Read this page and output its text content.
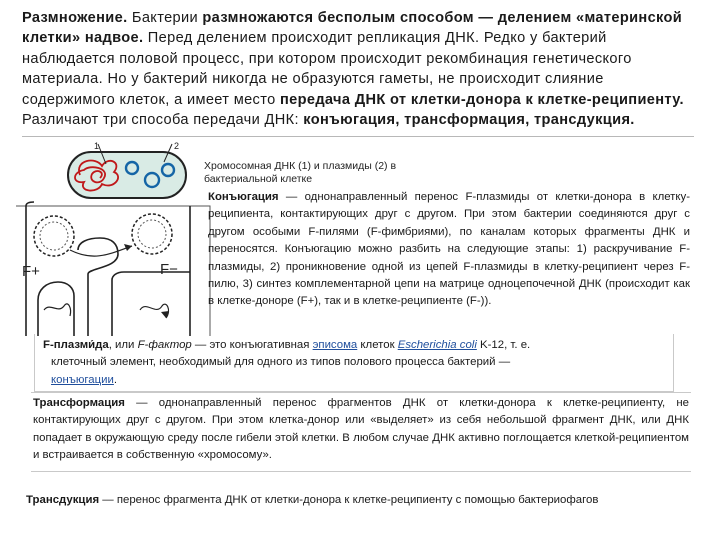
Размножение. Бактерии размножаются бесполым способом — делением «материнской клетки» надвое. Перед делением происходит репликация ДНК. Редко у бактерий наблюдается половой процесс, при котором происходит рекомбинация генетического материала. Но у бактерий никогда не образуются гаметы, не происходит слияние содержимого клеток, а имеет место передача ДНК от клетки-донора к клетке-реципиенту. Различают три способа передачи ДНК: конъюгация, трансформация, трансдукция.
1	2
F+	F−
Хромосомная ДНК (1) и плазмиды (2) в бактериальной клетке
Конъюгация — однонаправленный перенос F-плазмиды от клетки-донора в клетку-реципиента, контактирующих друг с другом. При этом бактерии соединяются друг с другом особыми F-пилями (F-фимбриями), по каналам которых фрагменты ДНК и переносятся. Конъюгацию можно разбить на следующие этапы: 1) раскручивание F-плазмиды, 2) проникновение одной из цепей F-плазмиды в клетку-реципиент через F-пилю, 3) синтез комплементарной цепи на матрице одноцепочечной ДНК (происходит как в клетке-доноре (F+), так и в клетке-реципиенте (F-)).
F-плазми́да, или F-фактор — это конъюгативная эписома клеток Escherichia coli K-12, т. е.
клеточный элемент, необходимый для одного из типов полового процесса бактерий —
конъюгации.
Трансформация — однонаправленный перенос фрагментов ДНК от клетки-донора к клетке-реципиенту, не контактирующих друг с другом. При этом клетка-донор или «выделяет» из себя небольшой фрагмент ДНК, или ДНК попадает в окружающую среду после гибели этой клетки. В любом случае ДНК активно поглощается клеткой-реципиентом и встраивается в собственную «хромосому».
Трансдукция — перенос фрагмента ДНК от клетки-донора к клетке-реципиенту с помощью бактериофагов
